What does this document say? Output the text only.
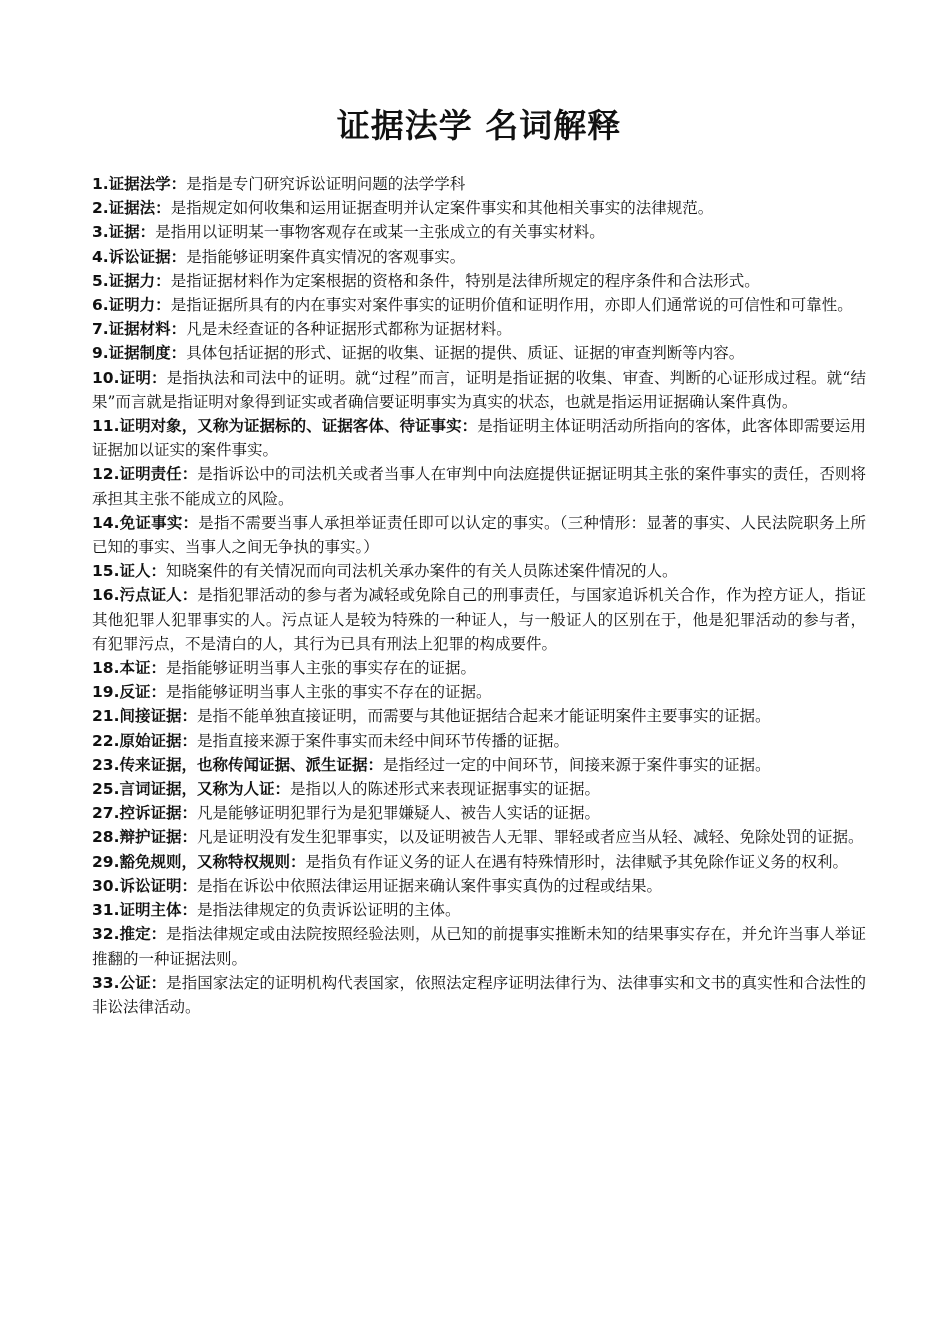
证据法学 名词解释

1.证据法学：是指是专门研究诉讼证明问题的法学学科

2.证据法：是指规定如何收集和运用证据查明并认定案件事实和其他相关事实的法律规范。

3.证据：是指用以证明某一事物客观存在或某一主张成立的有关事实材料。

4.诉讼证据：是指能够证明案件真实情况的客观事实。

5.证据力：是指证据材料作为定案根据的资格和条件，特别是法律所规定的程序条件和合法形式。

6.证明力：是指证据所具有的内在事实对案件事实的证明价值和证明作用，亦即人们通常说的可信性和可靠性。

7.证据材料：凡是未经查证的各种证据形式都称为证据材料。

9.证据制度：具体包括证据的形式、证据的收集、证据的提供、质证、证据的审查判断等内容。

10.证明：是指执法和司法中的证明。就“过程”而言，证明是指证据的收集、审查、判断的心证形成过程。就“结果”而言就是指证明对象得到证实或者确信要证明事实为真实的状态，也就是指运用证据确认案件真伪。

11.证明对象，又称为证据标的、证据客体、待证事实：是指证明主体证明活动所指向的客体，此客体即需要运用证据加以证实的案件事实。

12.证明责任：是指诉讼中的司法机关或者当事人在审判中向法庭提供证据证明其主张的案件事实的责任，否则将承担其主张不能成立的风险。

14.免证事实：是指不需要当事人承担举证责任即可以认定的事实。（三种情形：显著的事实、人民法院职务上所已知的事实、当事人之间无争执的事实。）

15.证人：知晓案件的有关情况而向司法机关承办案件的有关人员陈述案件情况的人。

16.污点证人：是指犯罪活动的参与者为减轻或免除自己的刑事责任，与国家追诉机关合作，作为控方证人，指证其他犯罪人犯罪事实的人。污点证人是较为特殊的一种证人，与一般证人的区别在于，他是犯罪活动的参与者，有犯罪污点，不是清白的人，其行为已具有刑法上犯罪的构成要件。

18.本证：是指能够证明当事人主张的事实存在的证据。

19.反证：是指能够证明当事人主张的事实不存在的证据。

21.间接证据：是指不能单独直接证明，而需要与其他证据结合起来才能证明案件主要事实的证据。

22.原始证据：是指直接来源于案件事实而未经中间环节传播的证据。

23.传来证据，也称传闻证据、派生证据：是指经过一定的中间环节，间接来源于案件事实的证据。

25.言词证据，又称为人证：是指以人的陈述形式来表现证据事实的证据。

27.控诉证据：凡是能够证明犯罪行为是犯罪嫌疑人、被告人实话的证据。

28.辩护证据：凡是证明没有发生犯罪事实，以及证明被告人无罪、罪轻或者应当从轻、减轻、免除处罚的证据。

29.豁免规则，又称特权规则：是指负有作证义务的证人在遇有特殊情形时，法律赋予其免除作证义务的权利。

30.诉讼证明：是指在诉讼中依照法律运用证据来确认案件事实真伪的过程或结果。

31.证明主体：是指法律规定的负责诉讼证明的主体。

32.推定：是指法律规定或由法院按照经验法则，从已知的前提事实推断未知的结果事实存在，并允许当事人举证推翻的一种证据法则。

33.公证：是指国家法定的证明机构代表国家，依照法定程序证明法律行为、法律事实和文书的真实性和合法性的非讼法律活动。
